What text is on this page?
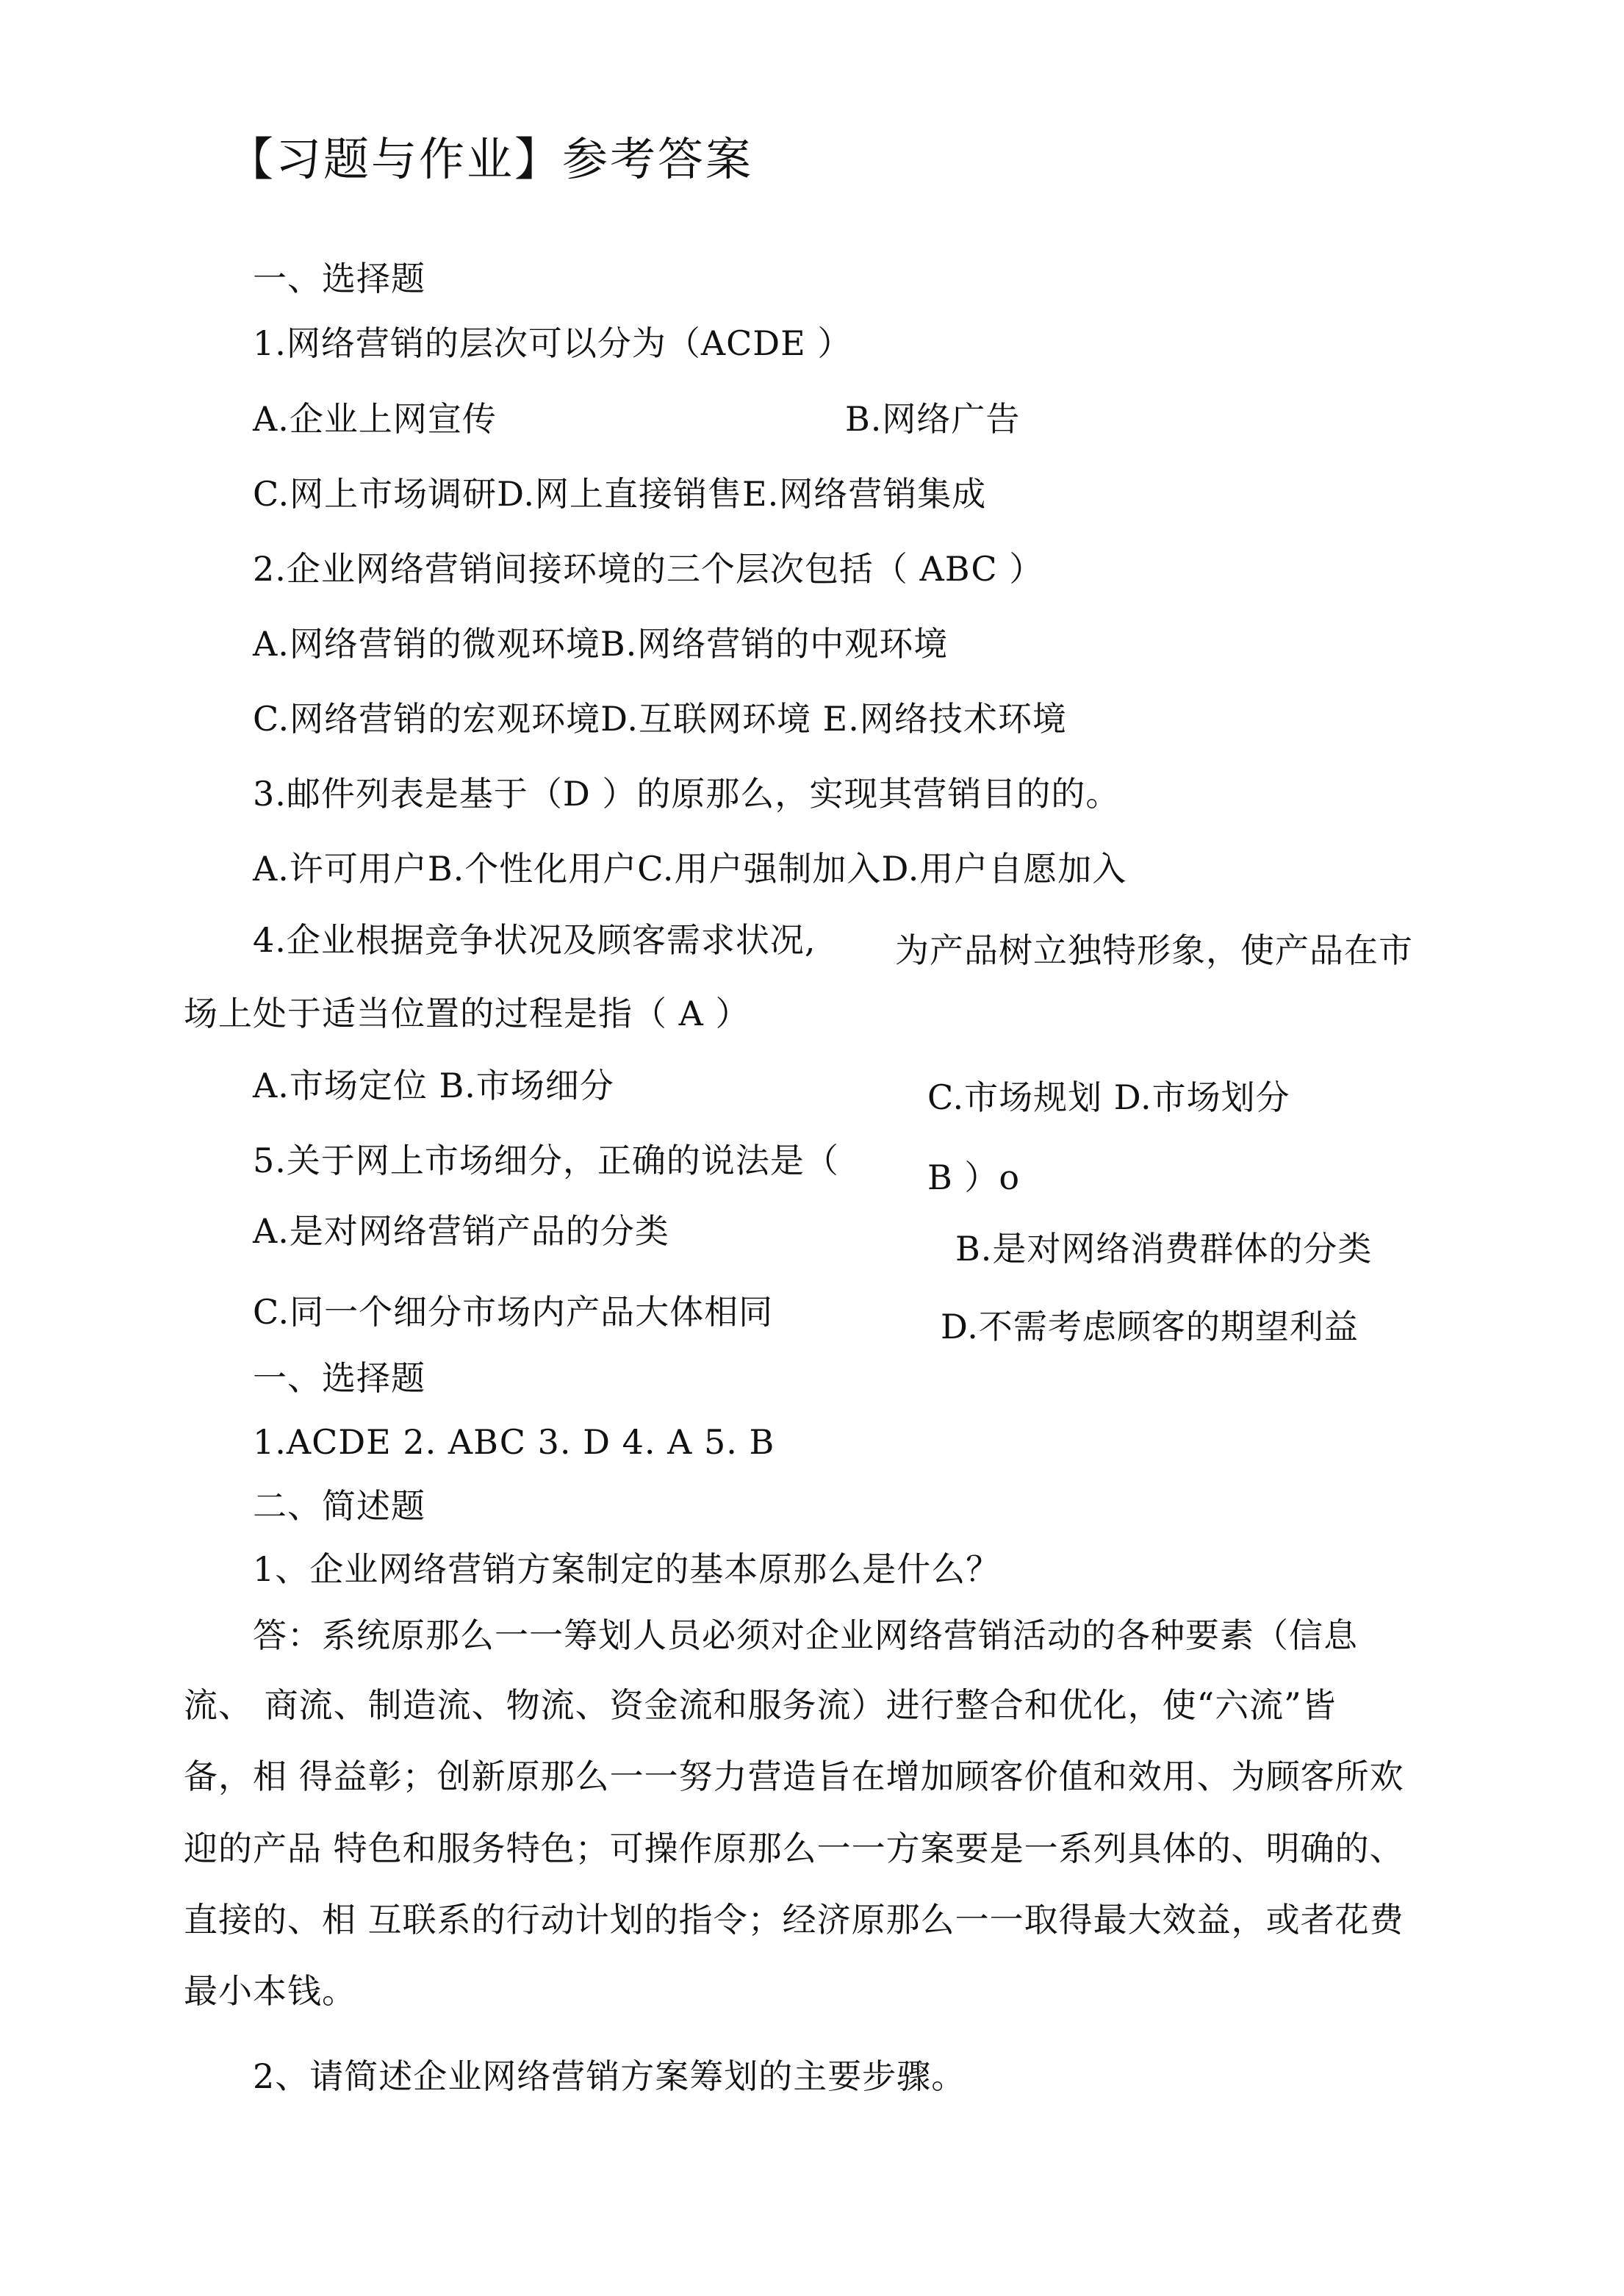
【习题与作业】参考答案

一、选择题

1.网络营销的层次可以分为（ACDE ）

A.企业上网宣传	B.网络广告

C.网上市场调研D.网上直接销售E.网络营销集成

2.企业网络营销间接环境的三个层次包括（ ABC ）

A.网络营销的微观环境B.网络营销的中观环境

C.网络营销的宏观环境D.互联网环境 E.网络技术环境

3.邮件列表是基于（D ）的原那么，实现其营销目的的。

A.许可用户B.个性化用户C.用户强制加入D.用户自愿加入

4.企业根据竞争状况及顾客需求状况, 为产品树立独特形象，使产品在市

场上处于适当位置的过程是指（ A ）

A.市场定位 B.市场细分	C.市场规划 D.市场划分

5.关于网上市场细分，正确的说法是（	B ）o

A.是对网络营销产品的分类	B.是对网络消费群体的分类

C.同一个细分市场内产品大体相同	D.不需考虑顾客的期望利益

一、选择题

1.ACDE 2. ABC 3. D 4. A 5. B

二、简述题

1、企业网络营销方案制定的基本原那么是什么？

答：系统原那么一一筹划人员必须对企业网络营销活动的各种要素（信息

流、 商流、制造流、物流、资金流和服务流）进行整合和优化，使“六流”皆

备，相 得益彰；创新原那么一一努力营造旨在增加顾客价值和效用、为顾客所欢

迎的产品 特色和服务特色；可操作原那么一一方案要是一系列具体的、明确的、

直接的、相 互联系的行动计划的指令；经济原那么一一取得最大效益，或者花费

最小本钱。

2、请简述企业网络营销方案筹划的主要步骤。
